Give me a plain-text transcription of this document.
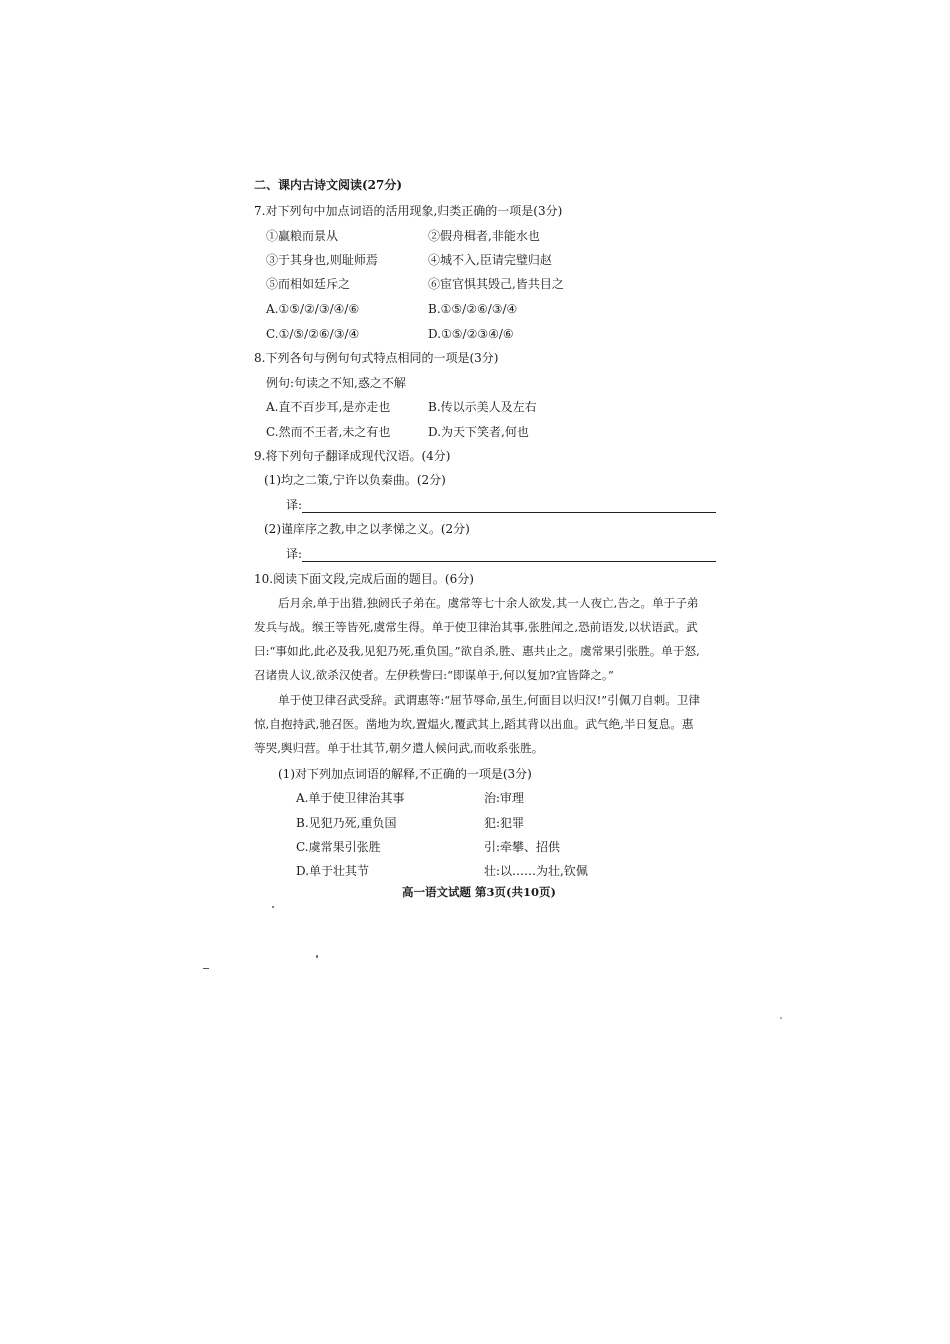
二、课内古诗文阅读(27分)
7.对下列句中加点词语的活用现象,归类正确的一项是(3分)
①赢粮而景从	②假舟楫者,非能水也
③于其身也,则耻师焉	④城不入,臣请完璧归赵
⑤而相如廷斥之	⑥宦官惧其毁己,皆共目之
A.①⑤/②/③/④/⑥	B.①⑤/②⑥/③/④
C.①/⑤/②⑥/③/④	D.①⑤/②③④/⑥
8.下列各句与例句句式特点相同的一项是(3分)
例句:句读之不知,惑之不解
A.直不百步耳,是亦走也	B.传以示美人及左右
C.然而不王者,未之有也	D.为天下笑者,何也
9.将下列句子翻译成现代汉语。(4分)
(1)均之二策,宁许以负秦曲。(2分)
译:
(2)谨庠序之教,申之以孝悌之义。(2分)
译:
10.阅读下面文段,完成后面的题目。(6分)
后月余,单于出猎,独阏氏子弟在。虞常等七十余人欲发,其一人夜亡,告之。单于子弟
发兵与战。缑王等皆死,虞常生得。单于使卫律治其事,张胜闻之,恐前语发,以状语武。武
曰:“事如此,此必及我,见犯乃死,重负国。”欲自杀,胜、惠共止之。虞常果引张胜。单于怒,
召诸贵人议,欲杀汉使者。左伊秩訾曰:“即谋单于,何以复加?宜皆降之。”
单于使卫律召武受辞。武谓惠等:“屈节辱命,虽生,何面目以归汉!”引佩刀自刺。卫律
惊,自抱持武,驰召医。凿地为坎,置煴火,覆武其上,蹈其背以出血。武气绝,半日复息。惠
等哭,舆归营。单于壮其节,朝夕遣人候问武,而收系张胜。
(1)对下列加点词语的解释,不正确的一项是(3分)
A.单于使卫律治其事	治:审理
B.见犯乃死,重负国	犯:犯罪
C.虞常果引张胜	引:牵攀、招供
D.单于壮其节	壮:以……为壮,钦佩
高一语文试题 第3页(共10页)
